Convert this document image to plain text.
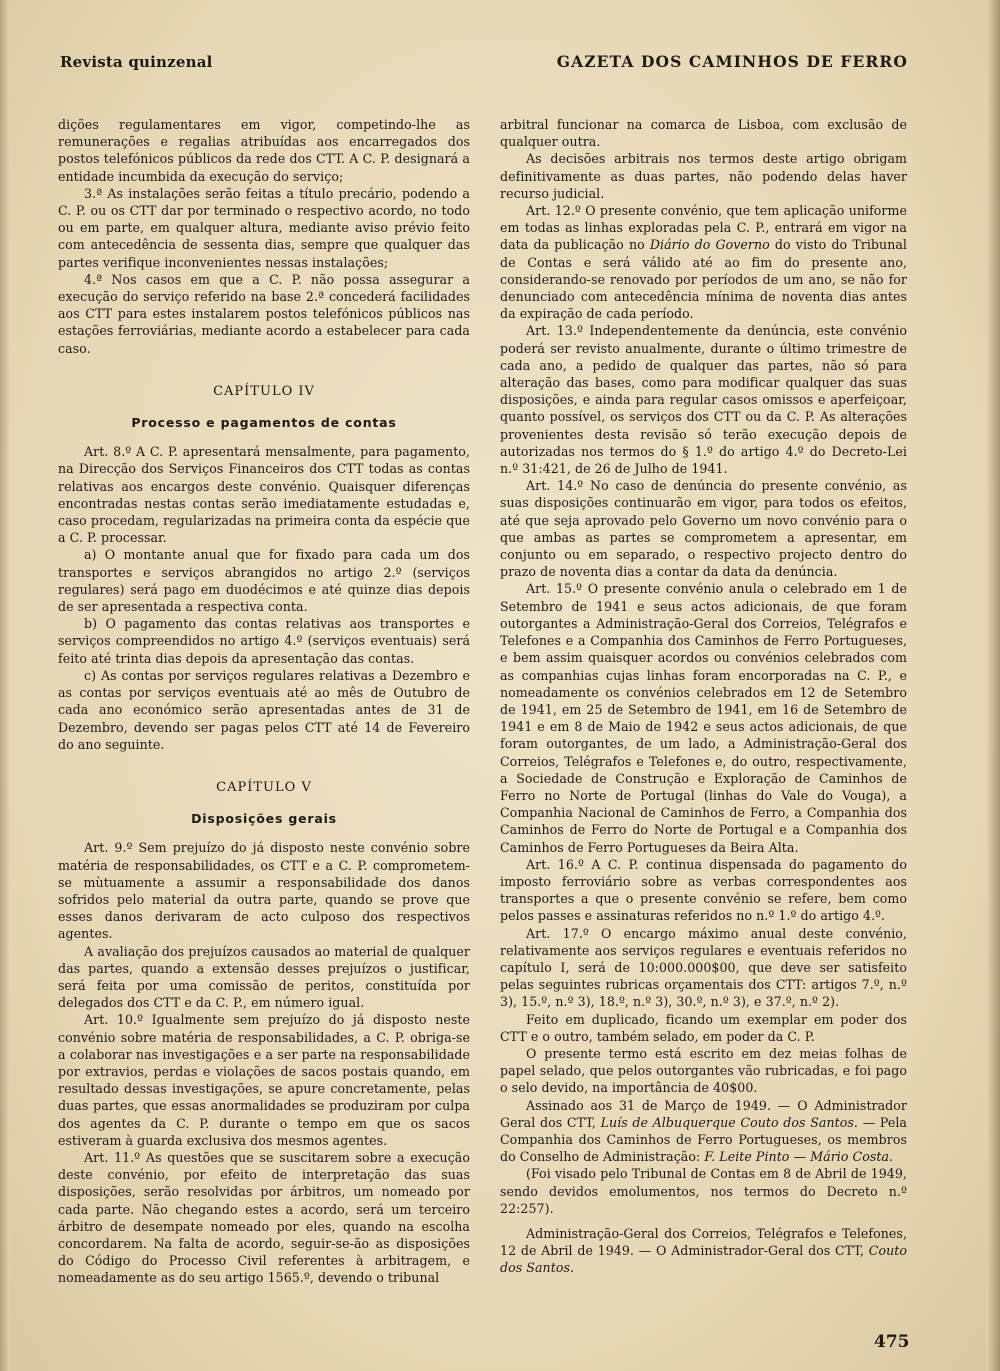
Revista quinzenal	GAZETA DOS CAMINHOS DE FERRO

dições regulamentares em vigor, competindo-lhe as remunerações e regalias atribuídas aos encarregados dos postos telefónicos públicos da rede dos CTT. A C. P. designará a entidade incumbida da execução do serviço;

3.ª As instalações serão feitas a título precário, podendo a C. P. ou os CTT dar por terminado o respectivo acordo, no todo ou em parte, em qualquer altura, mediante aviso prévio feito com antecedência de sessenta dias, sempre que qualquer das partes verifique inconvenientes nessas instalações;

4.ª Nos casos em que a C. P. não possa assegurar a execução do serviço referido na base 2.ª concederá facilidades aos CTT para estes instalarem postos telefónicos públicos nas estações ferroviárias, mediante acordo a estabelecer para cada caso.

CAPÍTULO IV

Processo e pagamentos de contas

Art. 8.º A C. P. apresentará mensalmente, para pagamento, na Direcção dos Serviços Financeiros dos CTT todas as contas relativas aos encargos deste convénio. Quaisquer diferenças encontradas nestas contas serão imediatamente estudadas e, caso procedam, regularizadas na primeira conta da espécie que a C. P. processar.

a) O montante anual que for fixado para cada um dos transportes e serviços abrangidos no artigo 2.º (serviços regulares) será pago em duodécimos e até quinze dias depois de ser apresentada a respectiva conta.

b) O pagamento das contas relativas aos transportes e serviços compreendidos no artigo 4.º (serviços eventuais) será feito até trinta dias depois da apresentação das contas.

c) As contas por serviços regulares relativas a Dezembro e as contas por serviços eventuais até ao mês de Outubro de cada ano económico serão apresentadas antes de 31 de Dezembro, devendo ser pagas pelos CTT até 14 de Fevereiro do ano seguinte.

CAPÍTULO V

Disposições gerais

Art. 9.º Sem prejuízo do já disposto neste convénio sobre matéria de responsabilidades, os CTT e a C. P. comprometem-se mùtuamente a assumir a responsabilidade dos danos sofridos pelo material da outra parte, quando se prove que esses danos derivaram de acto culposo dos respectivos agentes.

A avaliação dos prejuízos causados ao material de qualquer das partes, quando a extensão desses prejuízos o justificar, será feita por uma comissão de peritos, constituída por delegados dos CTT e da C. P., em número igual.

Art. 10.º Igualmente sem prejuízo do já disposto neste convénio sobre matéria de responsabilidades, a C. P. obriga-se a colaborar nas investigações e a ser parte na responsabilidade por extravios, perdas e violações de sacos postais quando, em resultado dessas investigações, se apure concretamente, pelas duas partes, que essas anormalidades se produziram por culpa dos agentes da C. P. durante o tempo em que os sacos estiveram à guarda exclusiva dos mesmos agentes.

Art. 11.º As questões que se suscitarem sobre a execução deste convénio, por efeito de interpretação das suas disposições, serão resolvidas por árbitros, um nomeado por cada parte. Não chegando estes a acordo, será um terceiro árbitro de desempate nomeado por eles, quando na escolha concordarem. Na falta de acordo, seguir-se-ão as disposições do Código do Processo Civil referentes à arbitragem, e nomeadamente as do seu artigo 1565.º, devendo o tribunal

arbitral funcionar na comarca de Lisboa, com exclusão de qualquer outra.

As decisões arbitrais nos termos deste artigo obrigam definitivamente as duas partes, não podendo delas haver recurso judicial.

Art. 12.º O presente convénio, que tem aplicação uniforme em todas as linhas exploradas pela C. P., entrará em vigor na data da publicação no Diário do Governo do visto do Tribunal de Contas e será válido até ao fim do presente ano, considerando-se renovado por períodos de um ano, se não for denunciado com antecedência mínima de noventa dias antes da expiração de cada período.

Art. 13.º Independentemente da denúncia, este convénio poderá ser revisto anualmente, durante o último trimestre de cada ano, a pedido de qualquer das partes, não só para alteração das bases, como para modificar qualquer das suas disposições, e ainda para regular casos omissos e aperfeiçoar, quanto possível, os serviços dos CTT ou da C. P. As alterações provenientes desta revisão só terão execução depois de autorizadas nos termos do § 1.º do artigo 4.º do Decreto-Lei n.º 31:421, de 26 de Julho de 1941.

Art. 14.º No caso de denúncia do presente convénio, as suas disposições continuarão em vigor, para todos os efeitos, até que seja aprovado pelo Governo um novo convénio para o que ambas as partes se comprometem a apresentar, em conjunto ou em separado, o respectivo projecto dentro do prazo de noventa dias a contar da data da denúncia.

Art. 15.º O presente convénio anula o celebrado em 1 de Setembro de 1941 e seus actos adicionais, de que foram outorgantes a Administração-Geral dos Correios, Telégrafos e Telefones e a Companhia dos Caminhos de Ferro Portugueses, e bem assim quaisquer acordos ou convénios celebrados com as companhias cujas linhas foram encorporadas na C. P., e nomeadamente os convénios celebrados em 12 de Setembro de 1941, em 25 de Setembro de 1941, em 16 de Setembro de 1941 e em 8 de Maio de 1942 e seus actos adicionais, de que foram outorgantes, de um lado, a Administração-Geral dos Correios, Telégrafos e Telefones e, do outro, respectivamente, a Sociedade de Construção e Exploração de Caminhos de Ferro no Norte de Portugal (linhas do Vale do Vouga), a Companhia Nacional de Caminhos de Ferro, a Companhia dos Caminhos de Ferro do Norte de Portugal e a Companhia dos Caminhos de Ferro Portugueses da Beira Alta.

Art. 16.º A C. P. continua dispensada do pagamento do imposto ferroviário sobre as verbas correspondentes aos transportes a que o presente convénio se refere, bem como pelos passes e assinaturas referidos no n.º 1.º do artigo 4.º.

Art. 17.º O encargo máximo anual deste convénio, relativamente aos serviços regulares e eventuais referidos no capítulo I, será de 10:000.000$00, que deve ser satisfeito pelas seguintes rubricas orçamentais dos CTT: artigos 7.º, n.º 3), 15.º, n.º 3), 18.º, n.º 3), 30.º, n.º 3), e 37.º, n.º 2).

Feito em duplicado, ficando um exemplar em poder dos CTT e o outro, também selado, em poder da C. P.

O presente termo está escrito em dez meias folhas de papel selado, que pelos outorgantes vão rubricadas, e foi pago o selo devido, na importância de 40$00.

Assinado aos 31 de Março de 1949. — O Administrador Geral dos CTT, Luís de Albuquerque Couto dos Santos. — Pela Companhia dos Caminhos de Ferro Portugueses, os membros do Conselho de Administração: F. Leite Pinto — Mário Costa.

(Foi visado pelo Tribunal de Contas em 8 de Abril de 1949, sendo devidos emolumentos, nos termos do Decreto n.º 22:257).

Administração-Geral dos Correios, Telégrafos e Telefones, 12 de Abril de 1949. — O Administrador-Geral dos CTT, Couto dos Santos.

475
